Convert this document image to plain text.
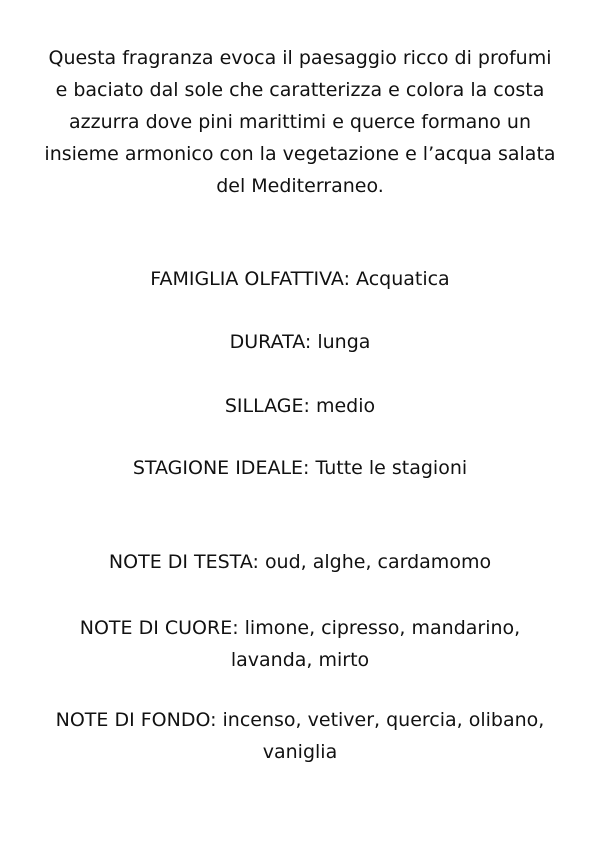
Questa fragranza evoca il paesaggio ricco di profumi e baciato dal sole che caratterizza e colora la costa azzurra dove pini marittimi e querce formano un insieme armonico con la vegetazione e l’acqua salata del Mediterraneo.

FAMIGLIA OLFATTIVA: Acquatica

DURATA: lunga

SILLAGE: medio

STAGIONE IDEALE: Tutte le stagioni

NOTE DI TESTA: oud, alghe, cardamomo

NOTE DI CUORE: limone, cipresso, mandarino, lavanda, mirto

NOTE DI FONDO: incenso, vetiver, quercia, olibano, vaniglia
